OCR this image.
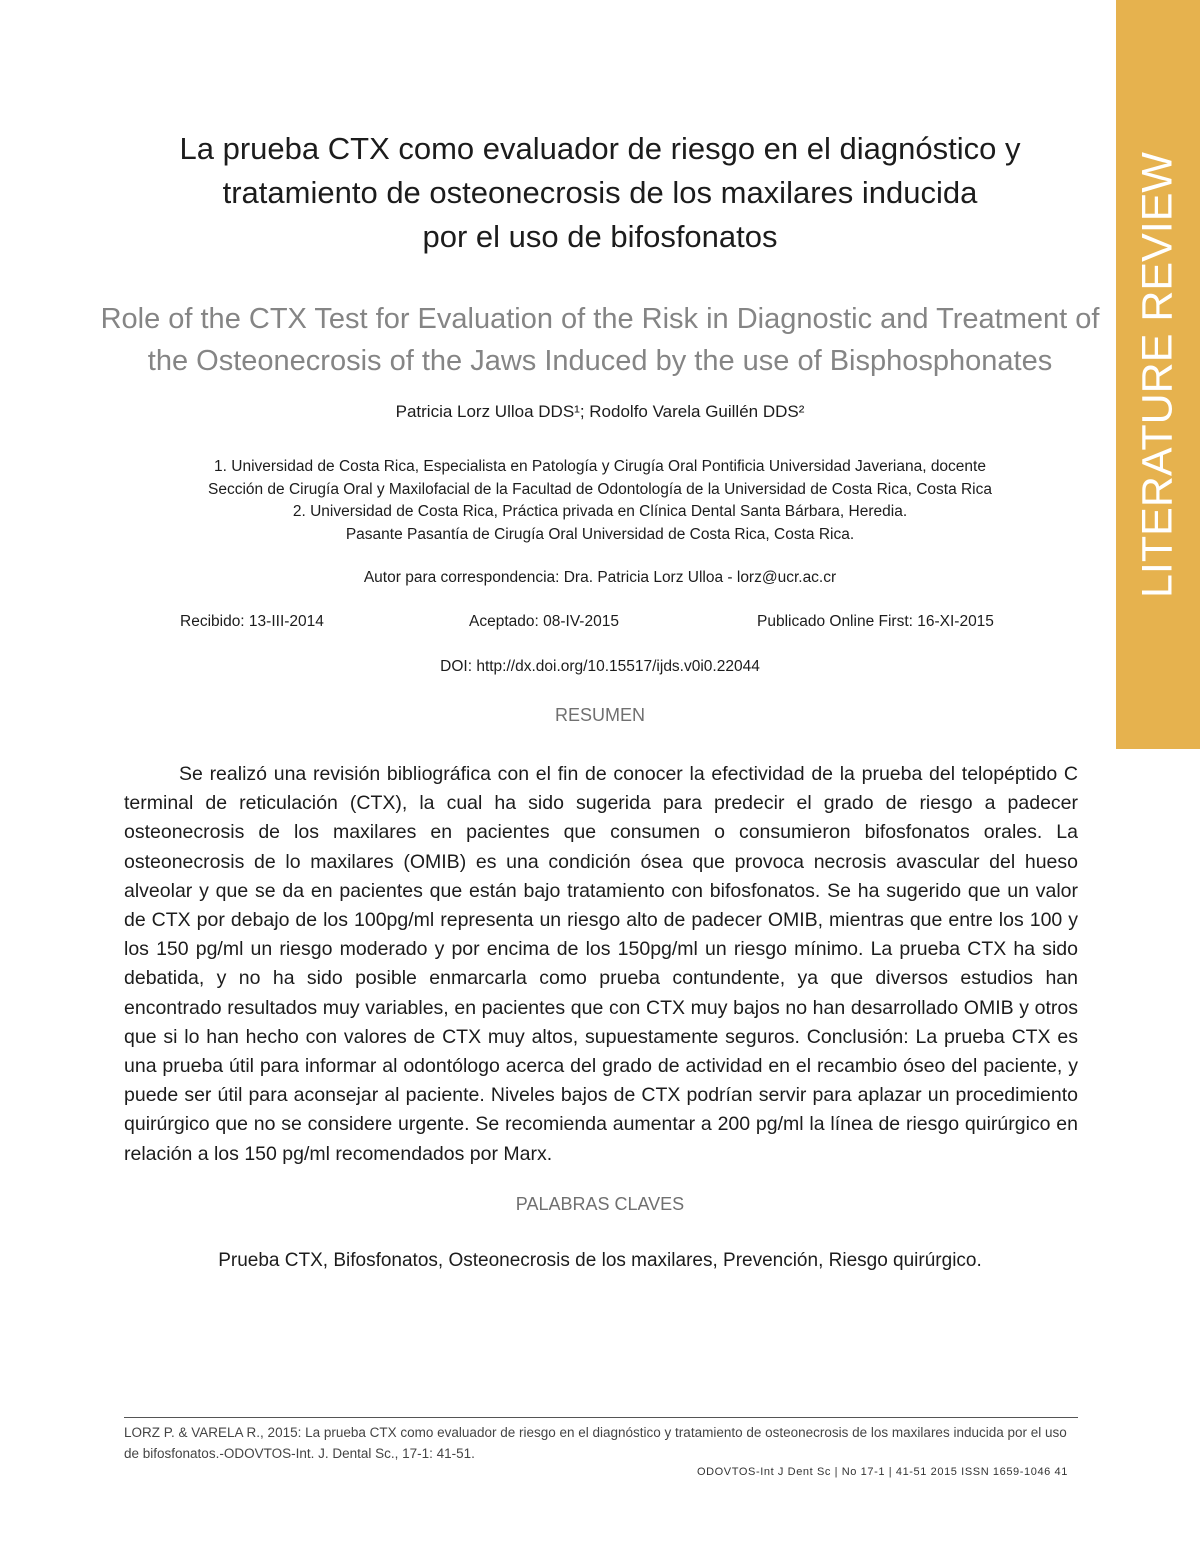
LITERATURE REVIEW
La prueba CTX como evaluador de riesgo en el diagnóstico y
tratamiento de osteonecrosis de los maxilares inducida
por el uso de bifosfonatos
Role of the CTX Test for Evaluation of the Risk in Diagnostic and Treatment of
the Osteonecrosis of the Jaws Induced by the use of Bisphosphonates
Patricia Lorz Ulloa DDS¹; Rodolfo Varela Guillén DDS²
1. Universidad de Costa Rica, Especialista en Patología y Cirugía Oral Pontificia Universidad Javeriana, docente
Sección de Cirugía Oral y Maxilofacial de la Facultad de Odontología de la Universidad de Costa Rica, Costa Rica
2. Universidad de Costa Rica, Práctica privada en Clínica Dental Santa Bárbara, Heredia.
Pasante Pasantía de Cirugía Oral Universidad de Costa Rica, Costa Rica.
Autor para correspondencia: Dra. Patricia Lorz Ulloa - lorz@ucr.ac.cr
Recibido: 13-III-2014	Aceptado: 08-IV-2015	Publicado Online First: 16-XI-2015
DOI: http://dx.doi.org/10.15517/ijds.v0i0.22044
RESUMEN

Se realizó una revisión bibliográfica con el fin de conocer la efectividad de la prueba del telopéptido C terminal de reticulación (CTX), la cual ha sido sugerida para predecir el grado de riesgo a padecer osteonecrosis de los maxilares en pacientes que consumen o consumieron bifosfonatos orales. La osteonecrosis de lo maxilares (OMIB) es una condición ósea que provoca necrosis avascular del hueso alveolar y que se da en pacientes que están bajo tratamiento con bifosfonatos. Se ha sugerido que un valor de CTX por debajo de los 100pg/ml representa un riesgo alto de padecer OMIB, mientras que entre los 100 y los 150 pg/ml un riesgo moderado y por encima de los 150pg/ml un riesgo mínimo. La prueba CTX ha sido debatida, y no ha sido posible enmarcarla como prueba contundente, ya que diversos estudios han encontrado resultados muy variables, en pacientes que con CTX muy bajos no han desarrollado OMIB y otros que si lo han hecho con valores de CTX muy altos, supuestamente seguros. Conclusión: La prueba CTX es una prueba útil para informar al odontólogo acerca del grado de actividad en el recambio óseo del paciente, y puede ser útil para aconsejar al paciente. Niveles bajos de CTX podrían servir para aplazar un procedimiento quirúrgico que no se considere urgente. Se recomienda aumentar a 200 pg/ml la línea de riesgo quirúrgico en relación a los 150 pg/ml recomendados por Marx.

PALABRAS CLAVES
Prueba CTX, Bifosfonatos, Osteonecrosis de los maxilares, Prevención, Riesgo quirúrgico.
LORZ P. & VARELA R., 2015: La prueba CTX como evaluador de riesgo en el diagnóstico y tratamiento de osteonecrosis de los maxilares inducida por el uso de bifosfonatos.-ODOVTOS-Int. J. Dental Sc., 17-1: 41-51.
ODOVTOS-Int J Dent Sc | No 17-1 | 41-51 2015 ISSN 1659-1046 41
